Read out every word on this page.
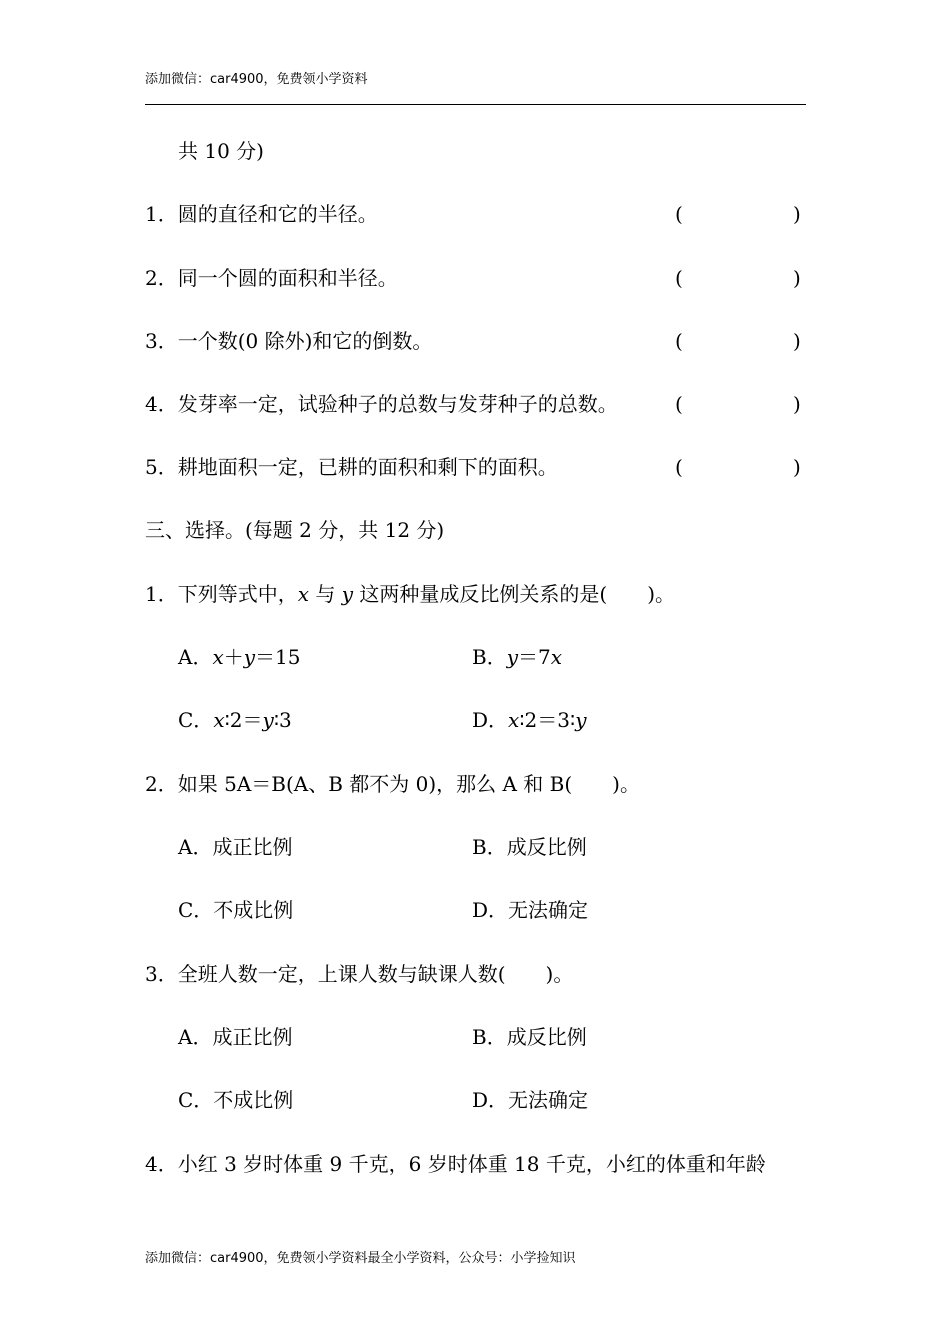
添加微信：car4900，免费领小学资料
共 10 分)
1．圆的直径和它的半径。	(	)
2．同一个圆的面积和半径。	(	)
3．一个数(0 除外)和它的倒数。	(	)
4．发芽率一定，试验种子的总数与发芽种子的总数。	(	)
5．耕地面积一定，已耕的面积和剩下的面积。	(	)
三、选择。(每题 2 分，共 12 分)
1．下列等式中，x 与 y 这两种量成反比例关系的是(　　)。
A．x＋y＝15	B．y＝7x
C．x∶2＝y∶3	D．x∶2＝3∶y
2．如果 5A＝B(A、B 都不为 0)，那么 A 和 B(　　)。
A．成正比例	B．成反比例
C．不成比例	D．无法确定
3．全班人数一定，上课人数与缺课人数(　　)。
A．成正比例	B．成反比例
C．不成比例	D．无法确定
4．小红 3 岁时体重 9 千克，6 岁时体重 18 千克，小红的体重和年龄
添加微信：car4900，免费领小学资料最全小学资料，公众号：小学捡知识
